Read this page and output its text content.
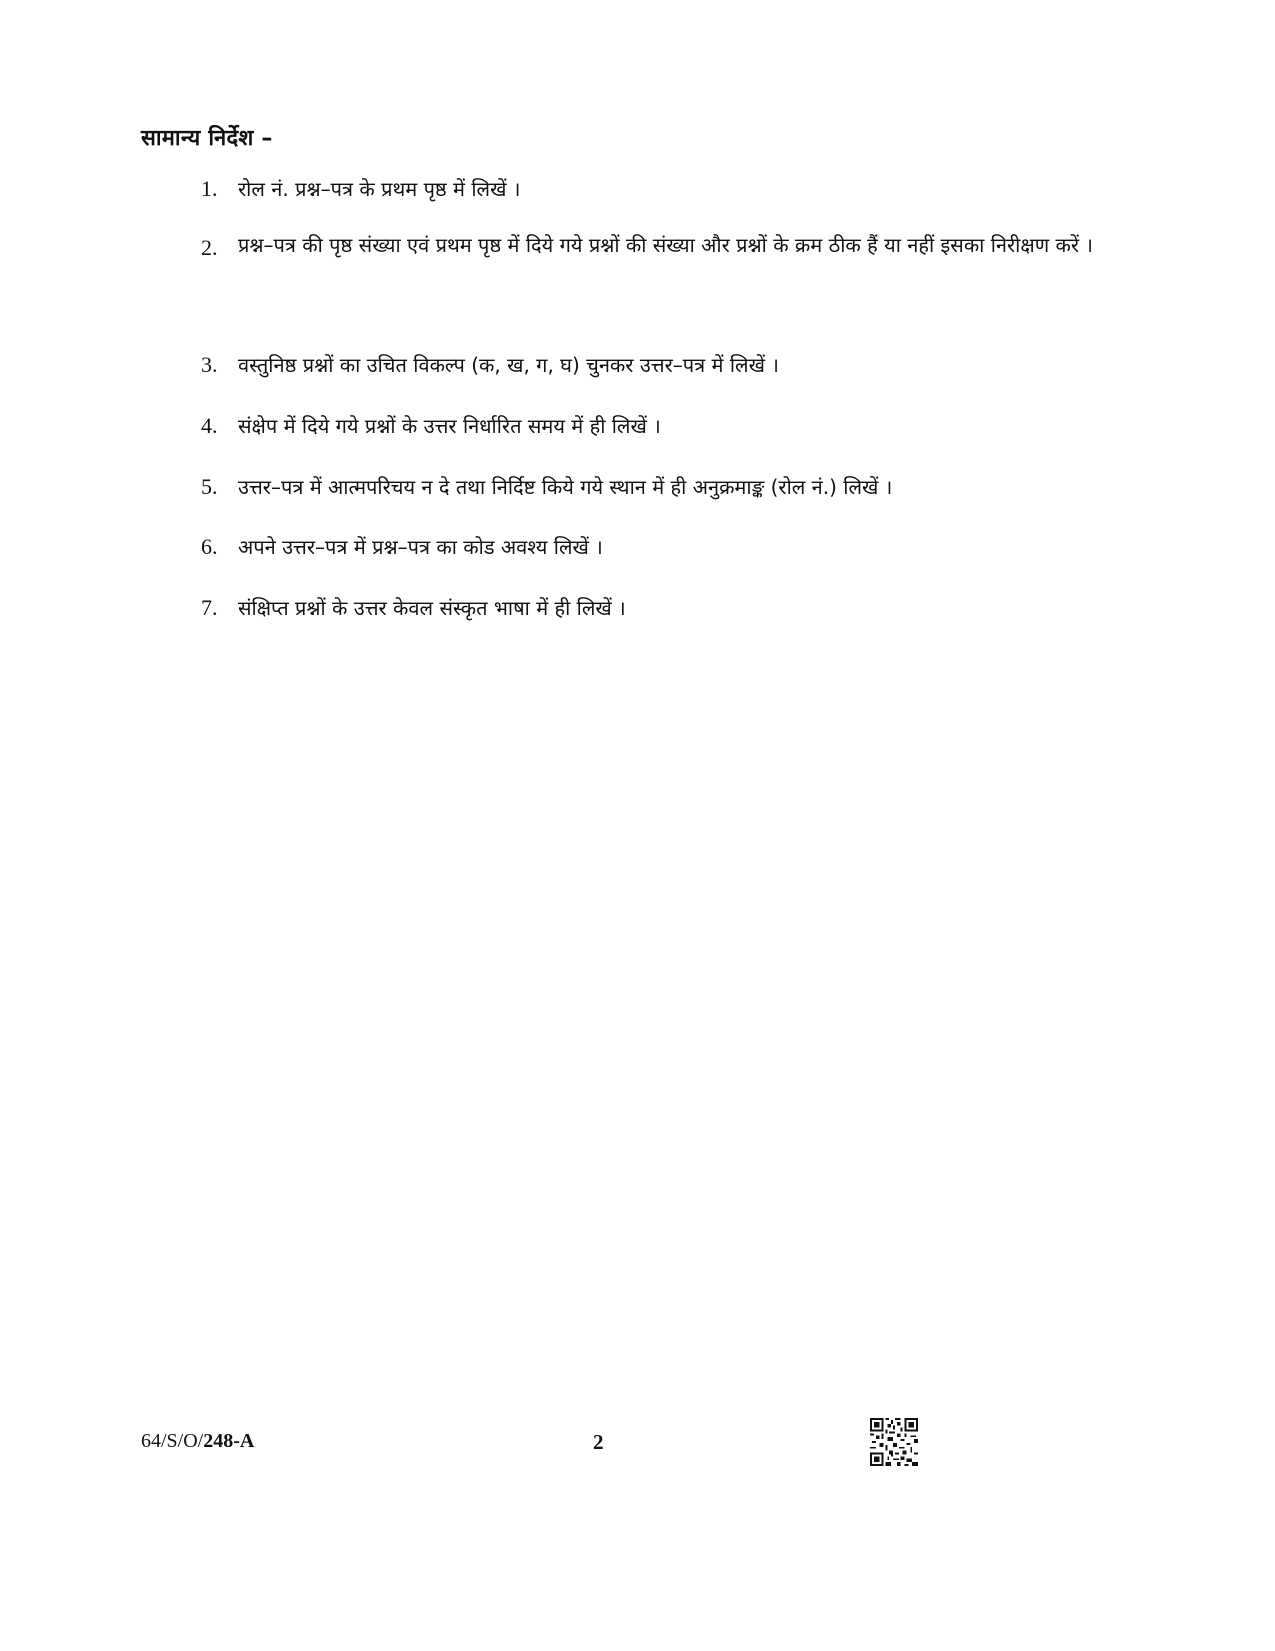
सामान्य निर्देश –
1.	रोल नं. प्रश्न–पत्र के प्रथम पृष्ठ में लिखें ।
2.	प्रश्न–पत्र की पृष्ठ संख्या एवं प्रथम पृष्ठ में दिये गये प्रश्नों की संख्या और प्रश्नों के क्रम ठीक हैं या नहीं इसका निरीक्षण करें ।
3.	वस्तुनिष्ठ प्रश्नों का उचित विकल्प (क, ख, ग, घ) चुनकर उत्तर–पत्र में लिखें ।
4.	संक्षेप में दिये गये प्रश्नों के उत्तर निर्धारित समय में ही लिखें ।
5.	उत्तर–पत्र में आत्मपरिचय न दे तथा निर्दिष्ट किये गये स्थान में ही अनुक्रमाङ्क (रोल नं.) लिखें ।
6.	अपने उत्तर–पत्र में प्रश्न–पत्र का कोड अवश्य लिखें ।
7.	संक्षिप्त प्रश्नों के उत्तर केवल संस्कृत भाषा में ही लिखें ।
64/S/O/248-A	2
